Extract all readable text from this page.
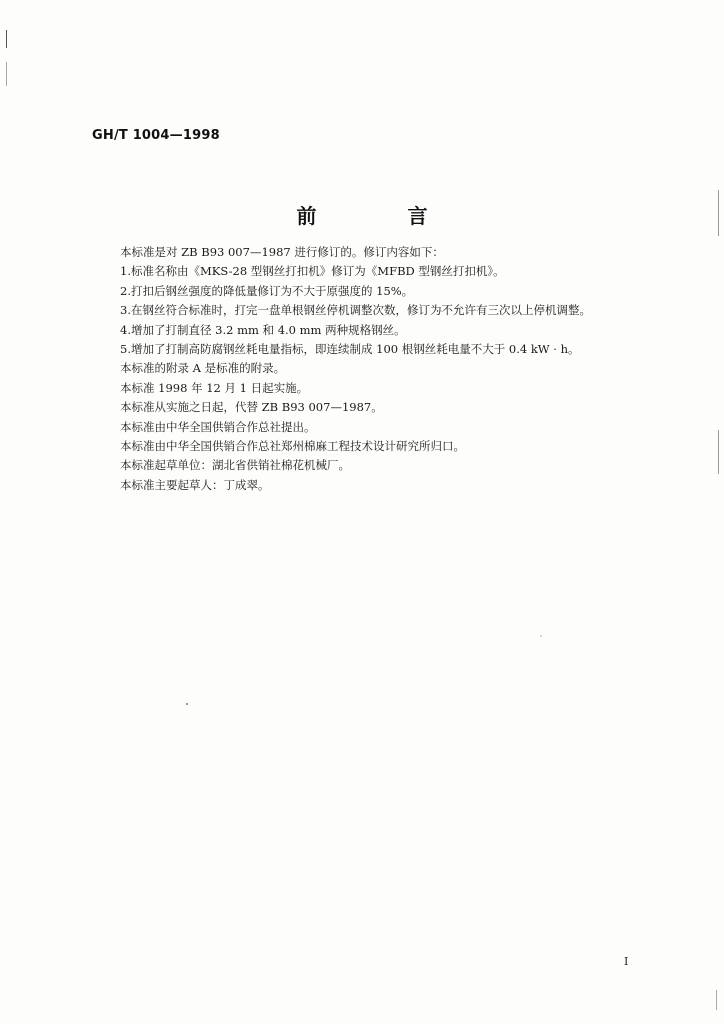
GH/T 1004—1998
前 言
本标准是对 ZB B93 007—1987 进行修订的。修订内容如下：
1.标准名称由《MKS-28 型钢丝打扣机》修订为《MFBD 型钢丝打扣机》。
2.打扣后钢丝强度的降低量修订为不大于原强度的 15%。
3.在钢丝符合标准时，打完一盘单根钢丝停机调整次数，修订为不允许有三次以上停机调整。
4.增加了打制直径 3.2 mm 和 4.0 mm 两种规格钢丝。
5.增加了打制高防腐钢丝耗电量指标，即连续制成 100 根钢丝耗电量不大于 0.4 kW · h。
本标准的附录 A 是标准的附录。
本标准 1998 年 12 月 1 日起实施。
本标准从实施之日起，代替 ZB B93 007—1987。
本标准由中华全国供销合作总社提出。
本标准由中华全国供销合作总社郑州棉麻工程技术设计研究所归口。
本标准起草单位：湖北省供销社棉花机械厂。
本标准主要起草人：丁成翠。
I
